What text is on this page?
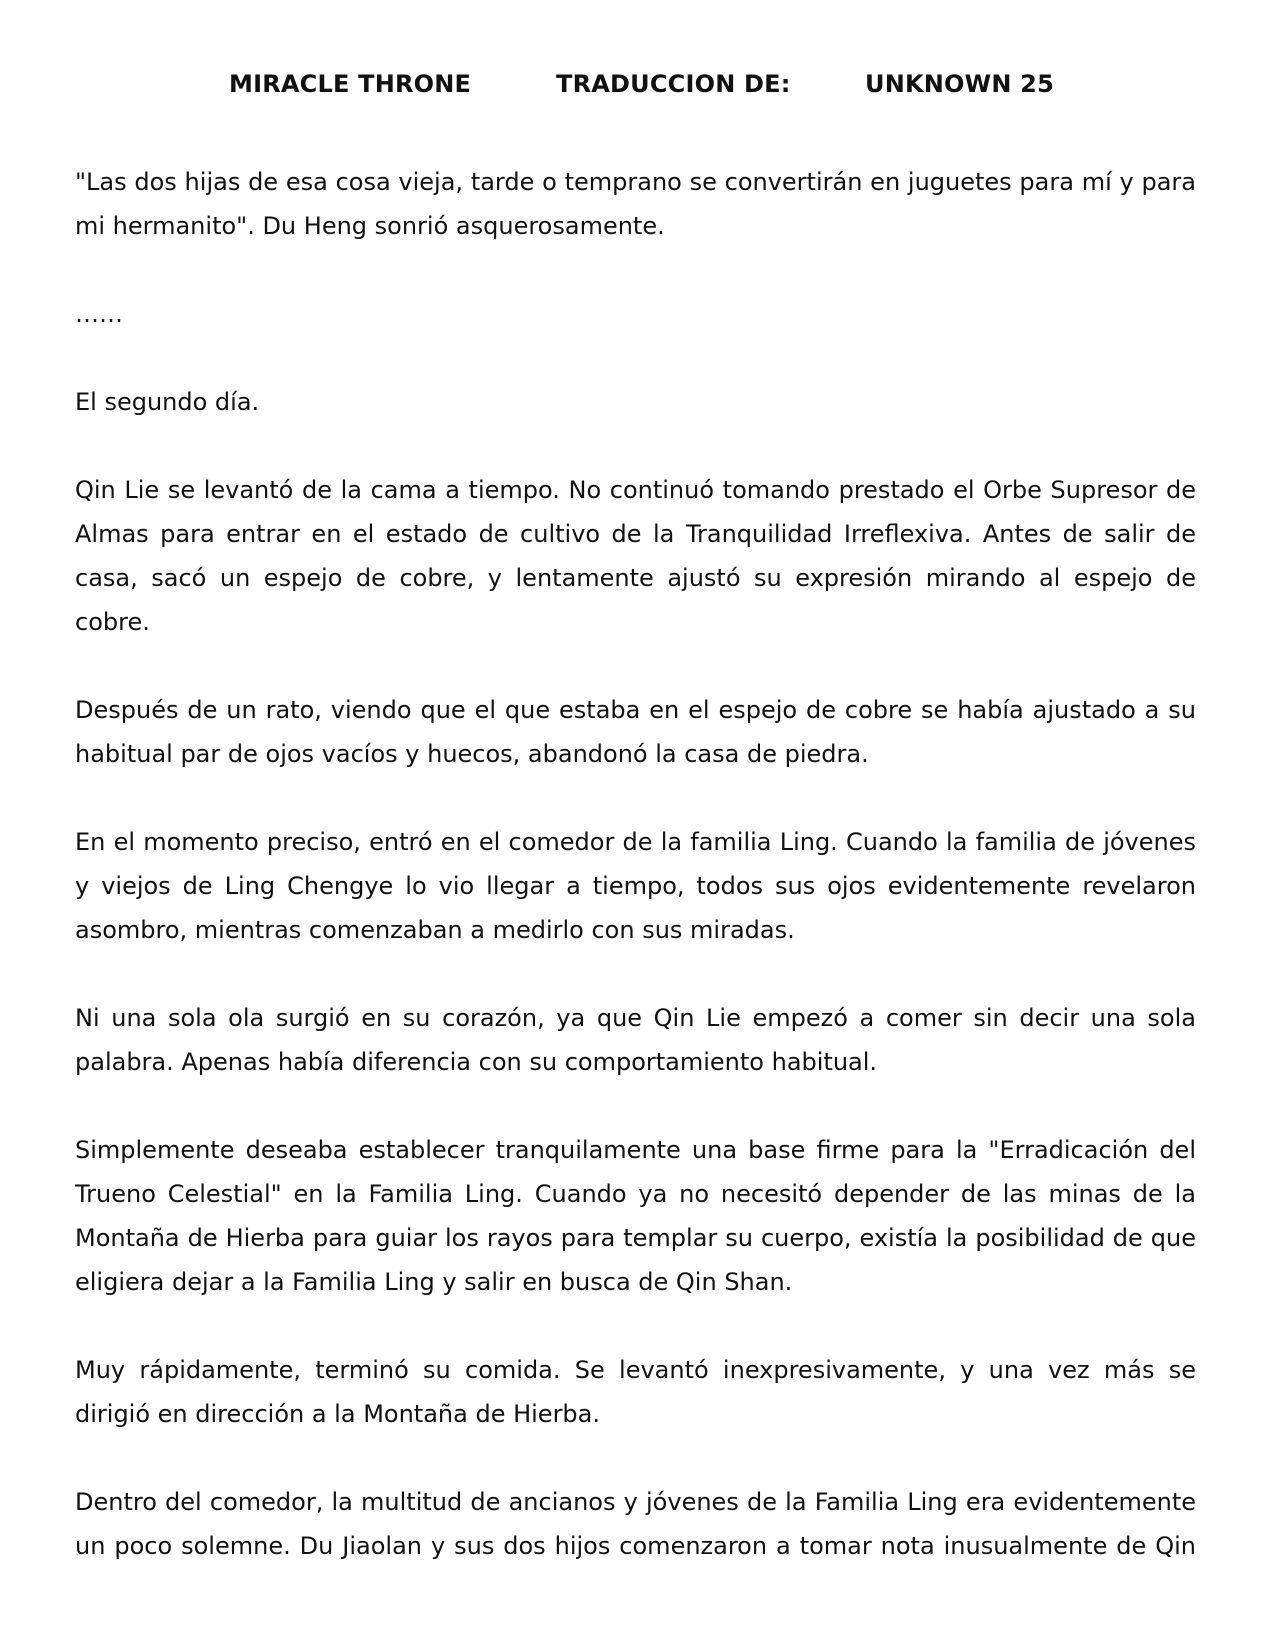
MIRACLE THRONE	TRADUCCION DE:	UNKNOWN 25

"Las dos hijas de esa cosa vieja, tarde o temprano se convertirán en juguetes para mí y para mi hermanito". Du Heng sonrió asquerosamente.

……

El segundo día.

Qin Lie se levantó de la cama a tiempo. No continuó tomando prestado el Orbe Supresor de Almas para entrar en el estado de cultivo de la Tranquilidad Irreflexiva. Antes de salir de casa, sacó un espejo de cobre, y lentamente ajustó su expresión mirando al espejo de cobre.

Después de un rato, viendo que el que estaba en el espejo de cobre se había ajustado a su habitual par de ojos vacíos y huecos, abandonó la casa de piedra.

En el momento preciso, entró en el comedor de la familia Ling. Cuando la familia de jóvenes y viejos de Ling Chengye lo vio llegar a tiempo, todos sus ojos evidentemente revelaron asombro, mientras comenzaban a medirlo con sus miradas.

Ni una sola ola surgió en su corazón, ya que Qin Lie empezó a comer sin decir una sola palabra. Apenas había diferencia con su comportamiento habitual.

Simplemente deseaba establecer tranquilamente una base firme para la "Erradicación del Trueno Celestial" en la Familia Ling. Cuando ya no necesitó depender de las minas de la Montaña de Hierba para guiar los rayos para templar su cuerpo, existía la posibilidad de que eligiera dejar a la Familia Ling y salir en busca de Qin Shan.

Muy rápidamente, terminó su comida. Se levantó inexpresivamente, y una vez más se dirigió en dirección a la Montaña de Hierba.

Dentro del comedor, la multitud de ancianos y jóvenes de la Familia Ling era evidentemente un poco solemne. Du Jiaolan y sus dos hijos comenzaron a tomar nota inusualmente de Qin
